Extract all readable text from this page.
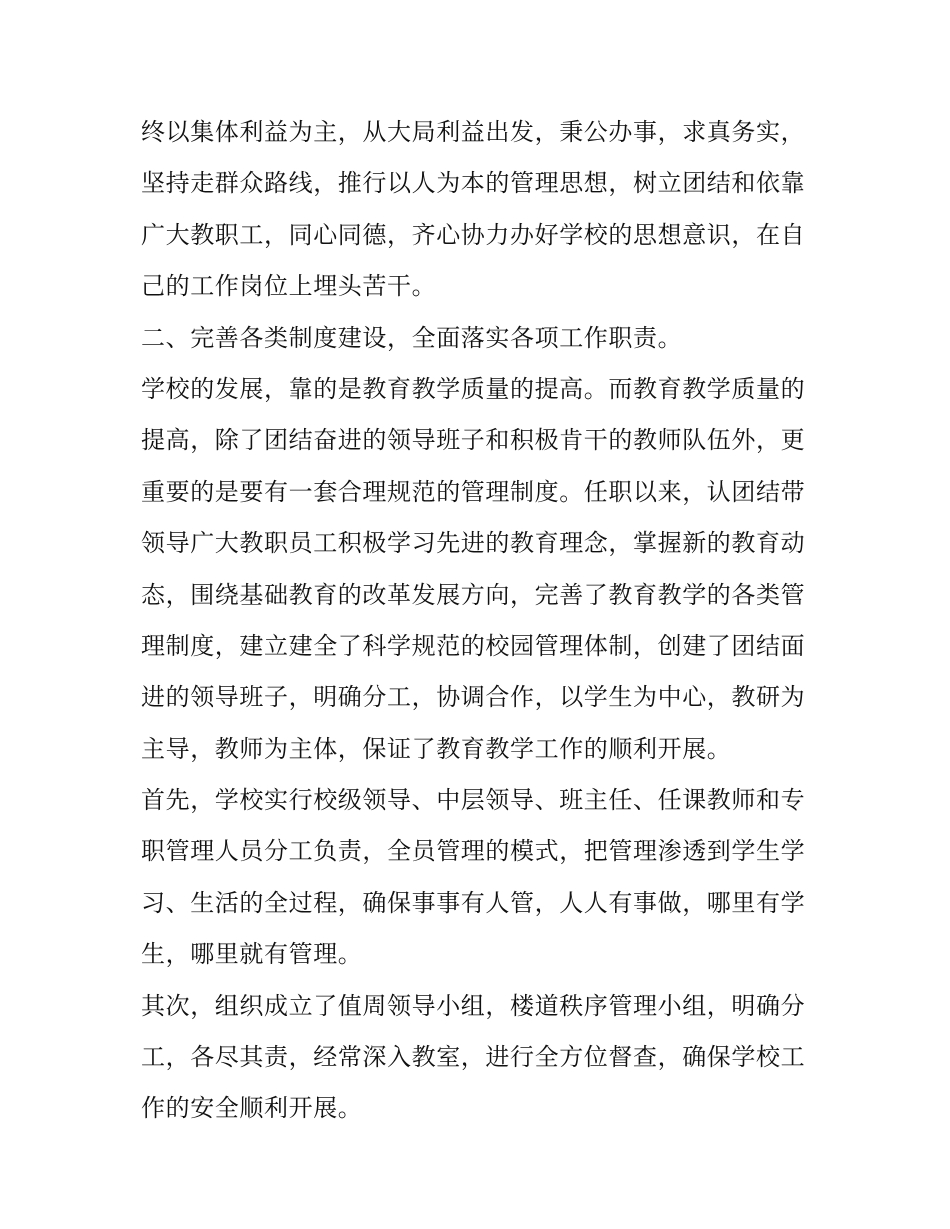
终以集体利益为主，从大局利益出发，秉公办事，求真务实，
坚持走群众路线，推行以人为本的管理思想，树立团结和依靠
广大教职工，同心同德，齐心协力办好学校的思想意识，在自
己的工作岗位上埋头苦干。
二、完善各类制度建设，全面落实各项工作职责。
学校的发展，靠的是教育教学质量的提高。而教育教学质量的
提高，除了团结奋进的领导班子和积极肯干的教师队伍外，更
重要的是要有一套合理规范的管理制度。任职以来，认团结带
领导广大教职员工积极学习先进的教育理念，掌握新的教育动
态，围绕基础教育的改革发展方向，完善了教育教学的各类管
理制度，建立建全了科学规范的校园管理体制，创建了团结面
进的领导班子，明确分工，协调合作，以学生为中心，教研为
主导，教师为主体，保证了教育教学工作的顺利开展。
首先，学校实行校级领导、中层领导、班主任、任课教师和专
职管理人员分工负责，全员管理的模式，把管理渗透到学生学
习、生活的全过程，确保事事有人管，人人有事做，哪里有学
生，哪里就有管理。
其次，组织成立了值周领导小组，楼道秩序管理小组，明确分
工，各尽其责，经常深入教室，进行全方位督查，确保学校工
作的安全顺利开展。
